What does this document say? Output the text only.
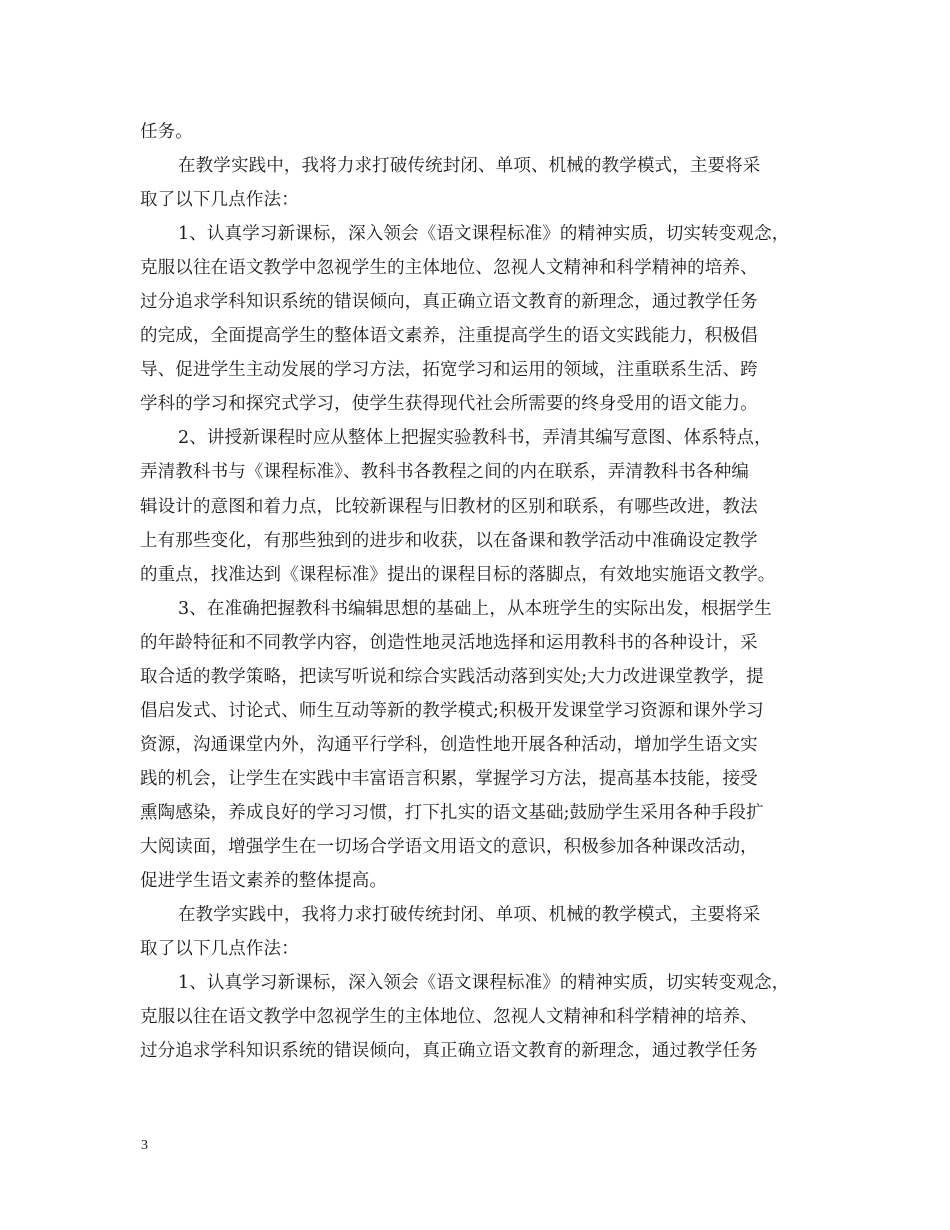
任务。
在教学实践中，我将力求打破传统封闭、单项、机械的教学模式，主要将采
取了以下几点作法：
1、认真学习新课标，深入领会《语文课程标准》的精神实质，切实转变观念，
克服以往在语文教学中忽视学生的主体地位、忽视人文精神和科学精神的培养、
过分追求学科知识系统的错误倾向，真正确立语文教育的新理念，通过教学任务
的完成，全面提高学生的整体语文素养，注重提高学生的语文实践能力，积极倡
导、促进学生主动发展的学习方法，拓宽学习和运用的领域，注重联系生活、跨
学科的学习和探究式学习，使学生获得现代社会所需要的终身受用的语文能力。
2、讲授新课程时应从整体上把握实验教科书，弄清其编写意图、体系特点，
弄清教科书与《课程标准》、教科书各教程之间的内在联系，弄清教科书各种编
辑设计的意图和着力点，比较新课程与旧教材的区别和联系，有哪些改进，教法
上有那些变化，有那些独到的进步和收获，以在备课和教学活动中准确设定教学
的重点，找准达到《课程标准》提出的课程目标的落脚点，有效地实施语文教学。
3、在准确把握教科书编辑思想的基础上，从本班学生的实际出发，根据学生
的年龄特征和不同教学内容，创造性地灵活地选择和运用教科书的各种设计，采
取合适的教学策略，把读写听说和综合实践活动落到实处;大力改进课堂教学，提
倡启发式、讨论式、师生互动等新的教学模式;积极开发课堂学习资源和课外学习
资源，沟通课堂内外，沟通平行学科，创造性地开展各种活动，增加学生语文实
践的机会，让学生在实践中丰富语言积累，掌握学习方法，提高基本技能，接受
熏陶感染，养成良好的学习习惯，打下扎实的语文基础;鼓励学生采用各种手段扩
大阅读面，增强学生在一切场合学语文用语文的意识，积极参加各种课改活动，
促进学生语文素养的整体提高。
在教学实践中，我将力求打破传统封闭、单项、机械的教学模式，主要将采
取了以下几点作法：
1、认真学习新课标，深入领会《语文课程标准》的精神实质，切实转变观念，
克服以往在语文教学中忽视学生的主体地位、忽视人文精神和科学精神的培养、
过分追求学科知识系统的错误倾向，真正确立语文教育的新理念，通过教学任务
3
